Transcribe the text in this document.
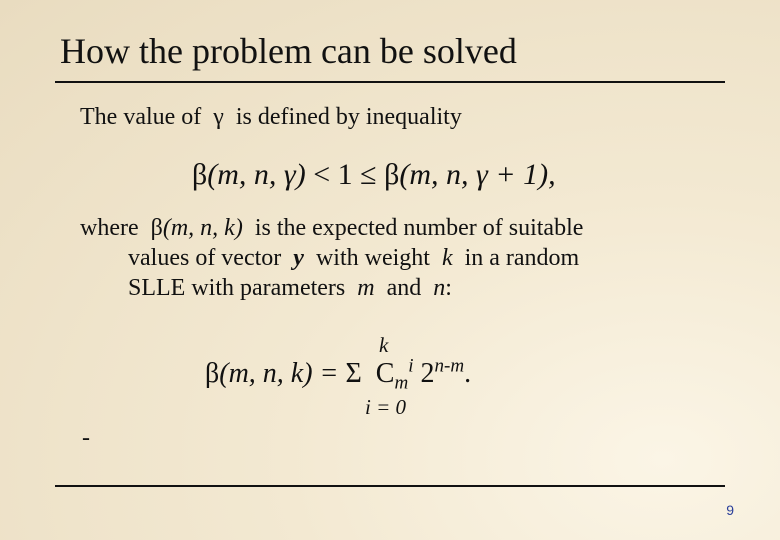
How the problem can be solved
The value of γ is defined by inequality
β(m, n, γ) < 1 ≤ β(m, n, γ + 1),
where β(m, n, k) is the expected number of suitable
values of vector y with weight k in a random
SLLE with parameters m and n:
k
β(m, n, k) = Σ $C_m^i$ 2$^{n-m}$.
i = 0
-
9
